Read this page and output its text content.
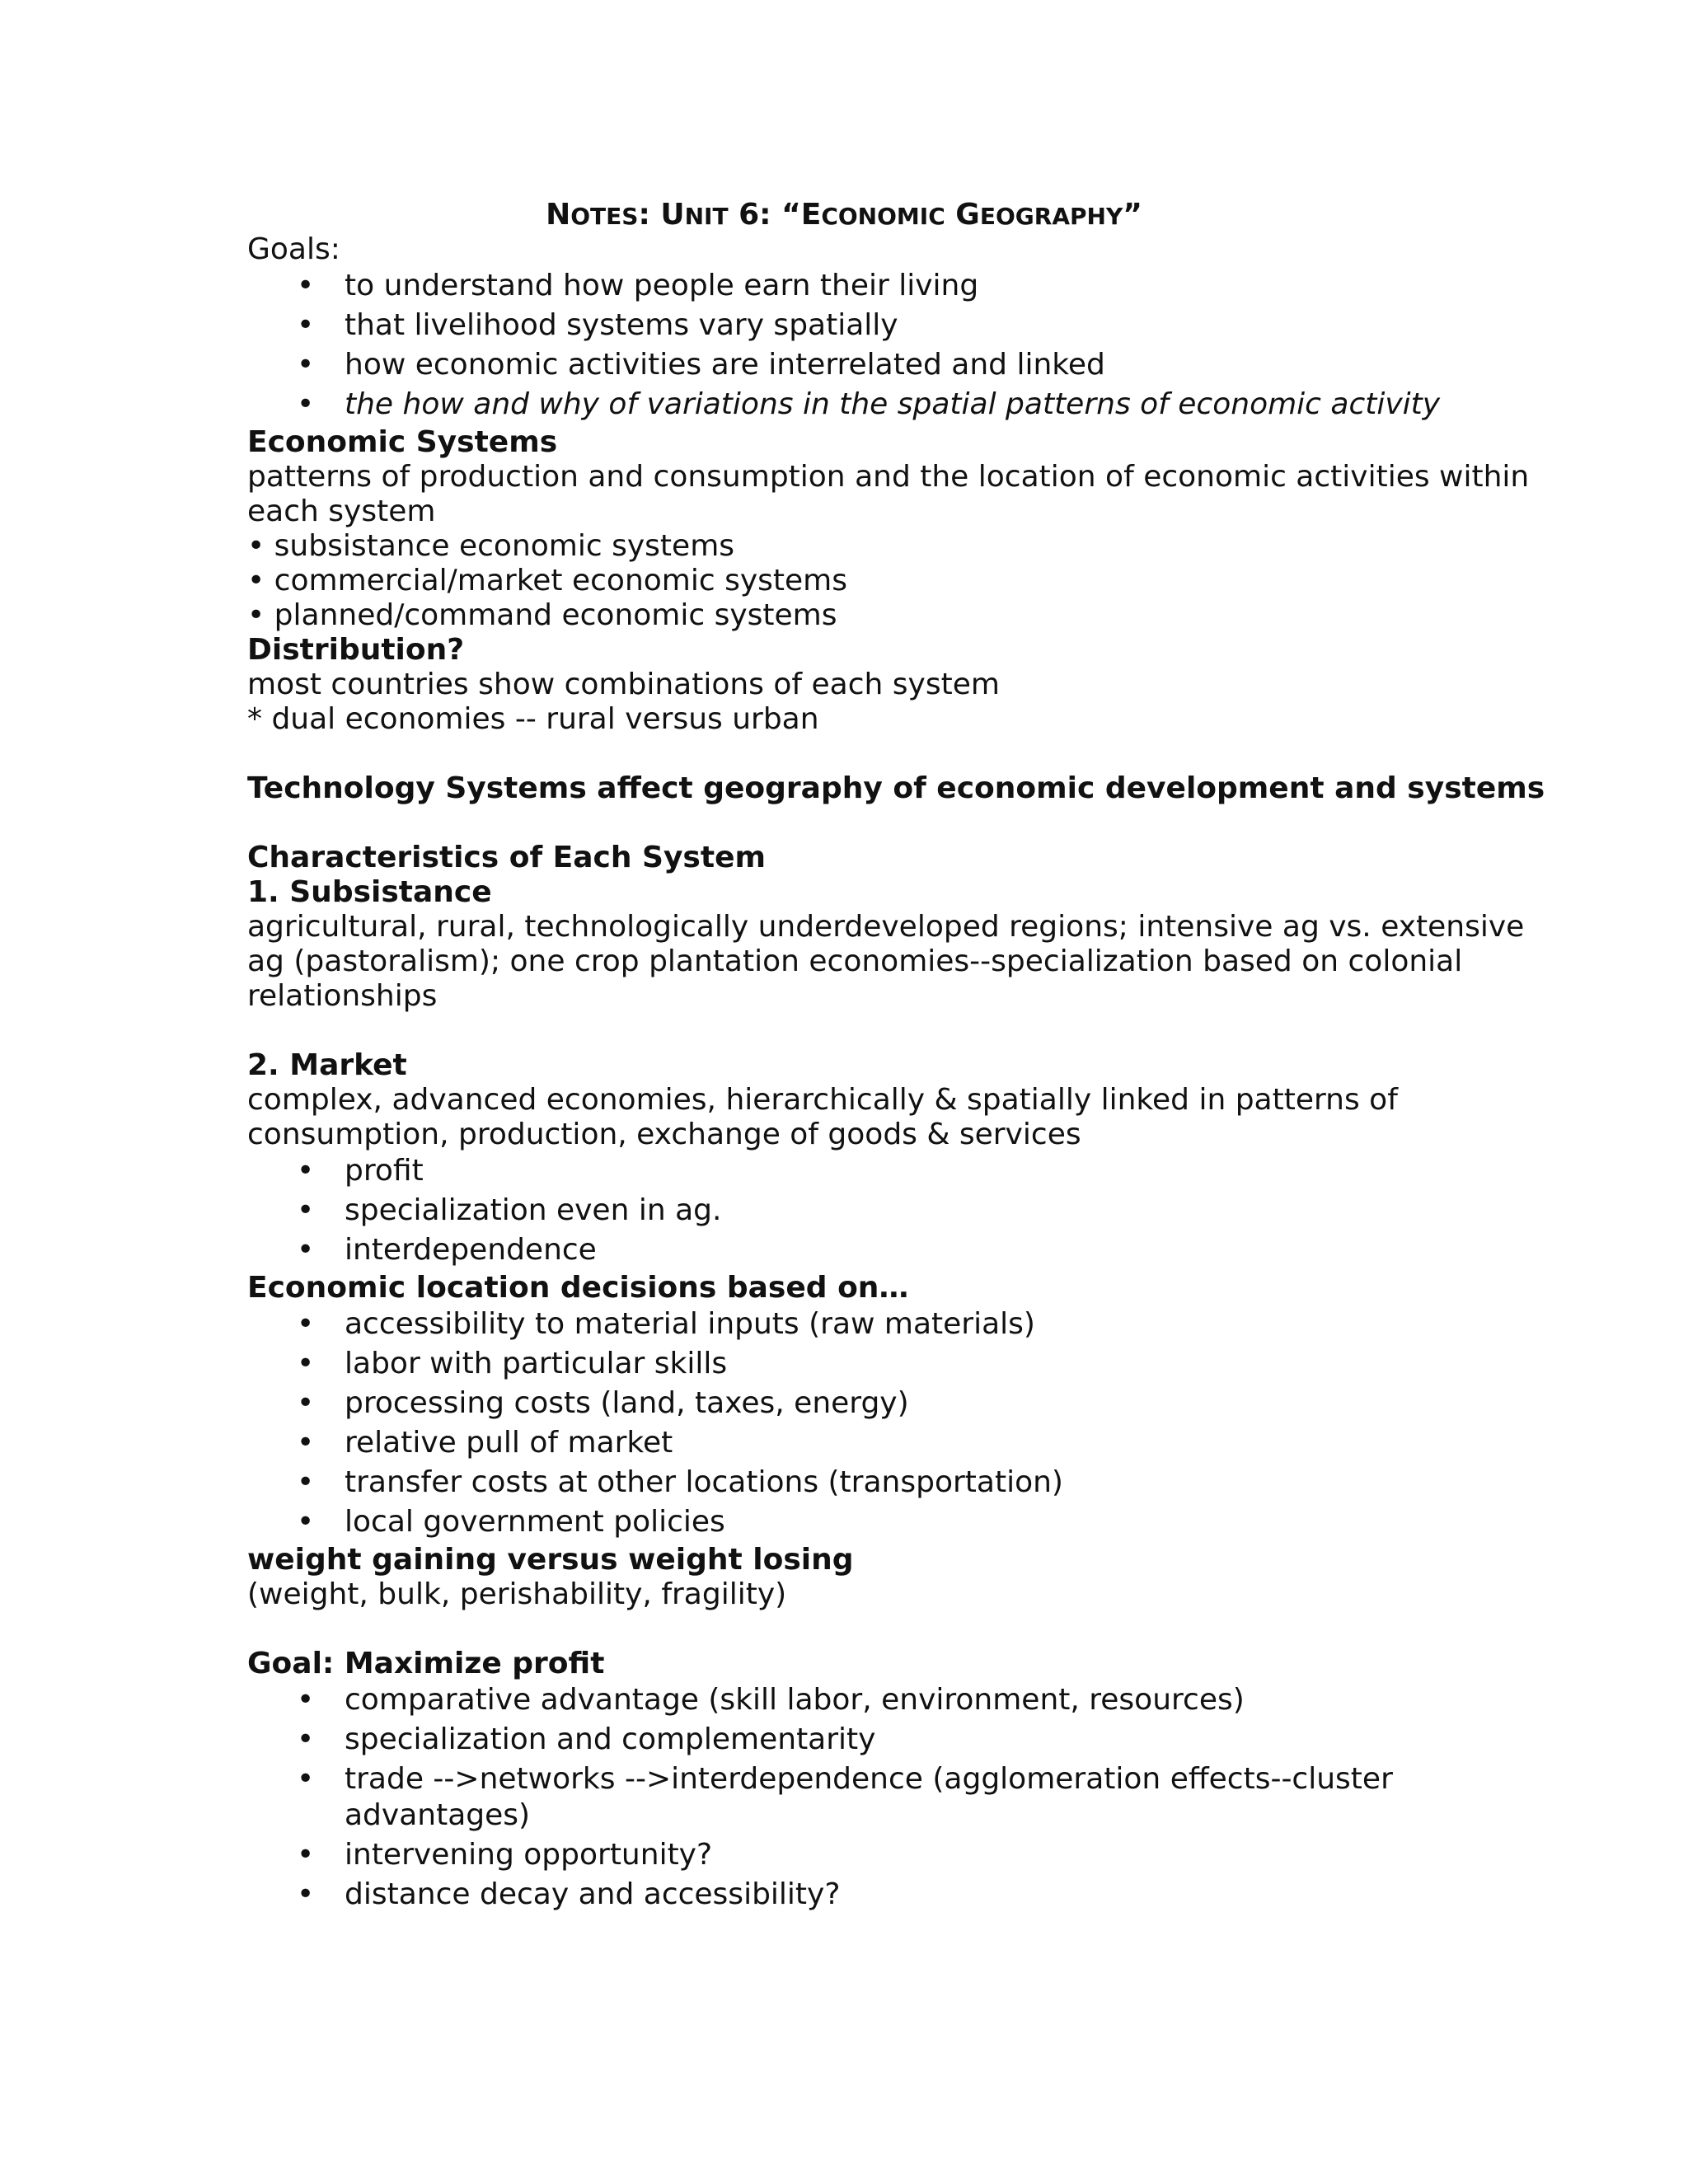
NOTES: UNIT 6: “ECONOMIC GEOGRAPHY”

Goals:

• to understand how people earn their living

• that livelihood systems vary spatially

• how economic activities are interrelated and linked

• the how and why of variations in the spatial patterns of economic activity

Economic Systems

patterns of production and consumption and the location of economic activities within

each system

• subsistance economic systems

• commercial/market economic systems

• planned/command economic systems

Distribution?

most countries show combinations of each system

* dual economies -- rural versus urban

Technology Systems affect geography of economic development and systems

Characteristics of Each System

1. Subsistance

agricultural, rural, technologically underdeveloped regions; intensive ag vs. extensive

ag (pastoralism); one crop plantation economies--specialization based on colonial

relationships

2. Market

complex, advanced economies, hierarchically & spatially linked in patterns of

consumption, production, exchange of goods & services

• profit

• specialization even in ag.

• interdependence

Economic location decisions based on…

• accessibility to material inputs (raw materials)

• labor with particular skills

• processing costs (land, taxes, energy)

• relative pull of market

• transfer costs at other locations (transportation)

• local government policies

weight gaining versus weight losing

(weight, bulk, perishability, fragility)

Goal: Maximize profit

• comparative advantage (skill labor, environment, resources)

• specialization and complementarity

• trade -->networks -->interdependence (agglomeration effects--cluster

advantages)

• intervening opportunity?

• distance decay and accessibility?
